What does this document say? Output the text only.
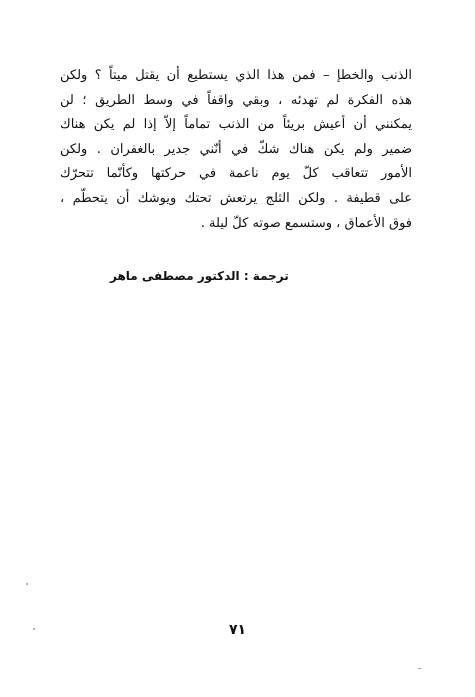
الذنب والخطإ – فمن هذا الذي يستطيع أن يقتل ميتاً ؟ ولكن
هذه الفكرة لم تهدئه ، وبقي واقفاً في وسط الطريق ؛ لن
يمكنني أن أعيش بريئاً من الذنب تماماً إلاّ إذا لم يكن هناك
ضمير ولم يكن هناك شكّ في أنّني جدير بالغفران . ولكن
الأمور تتعاقب كلّ يوم ناعمة في حركتها وكأنّما تتحرّك
على قطيفة . ولكن الثلج يرتعش تحتك ويوشك أن يتحطّم ،
فوق الأعماق ، وستسمع صوته كلّ ليلة .
ترجمة : الدكتور مصطفى ماهر
٧١
